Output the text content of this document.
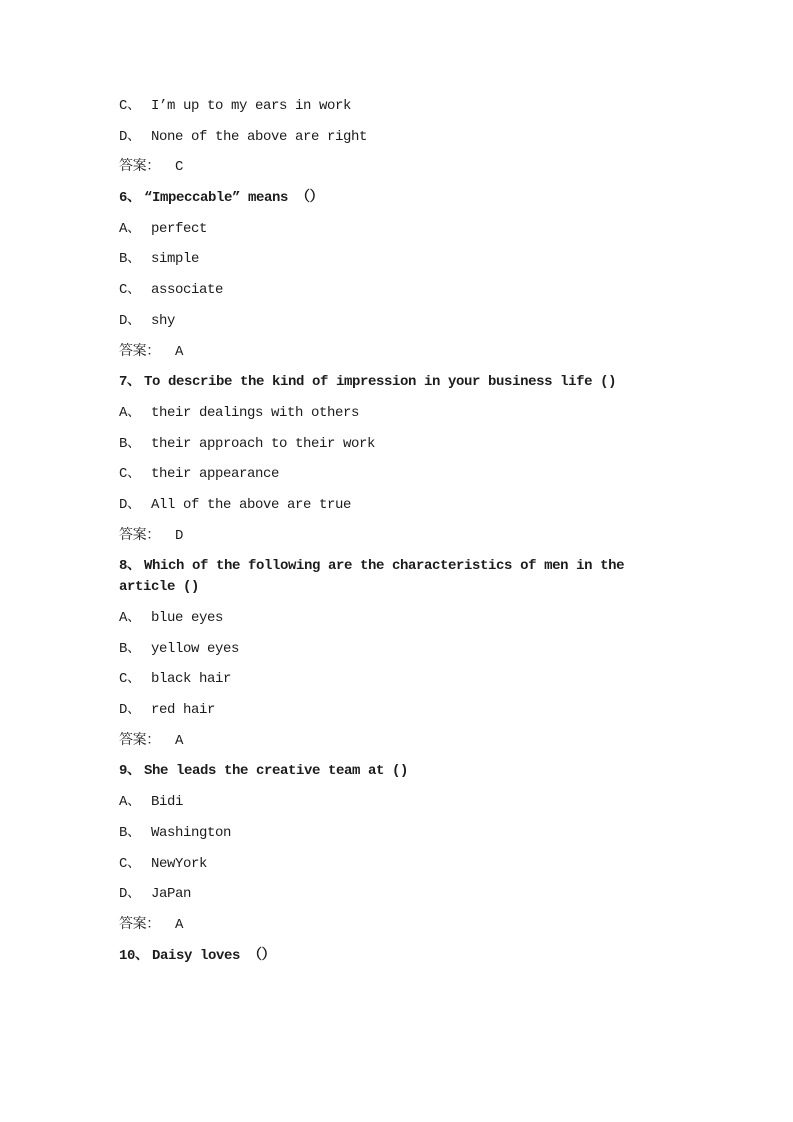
C、 I’m up to my ears in work
D、 None of the above are right
答案： C
6、 “Impeccable” means （）
A、 perfect
B、 simple
C、 associate
D、 shy
答案： A
7、 To describe the kind of impression in your business life ()
A、 their dealings with others
B、 their approach to their work
C、 their appearance
D、 All of the above are true
答案： D
8、 Which of the following are the characteristics of men in the article ()
A、 blue eyes
B、 yellow eyes
C、 black hair
D、 red hair
答案： A
9、 She leads the creative team at ()
A、 Bidi
B、 Washington
C、 NewYork
D、 JaPan
答案： A
10、 Daisy loves （）
